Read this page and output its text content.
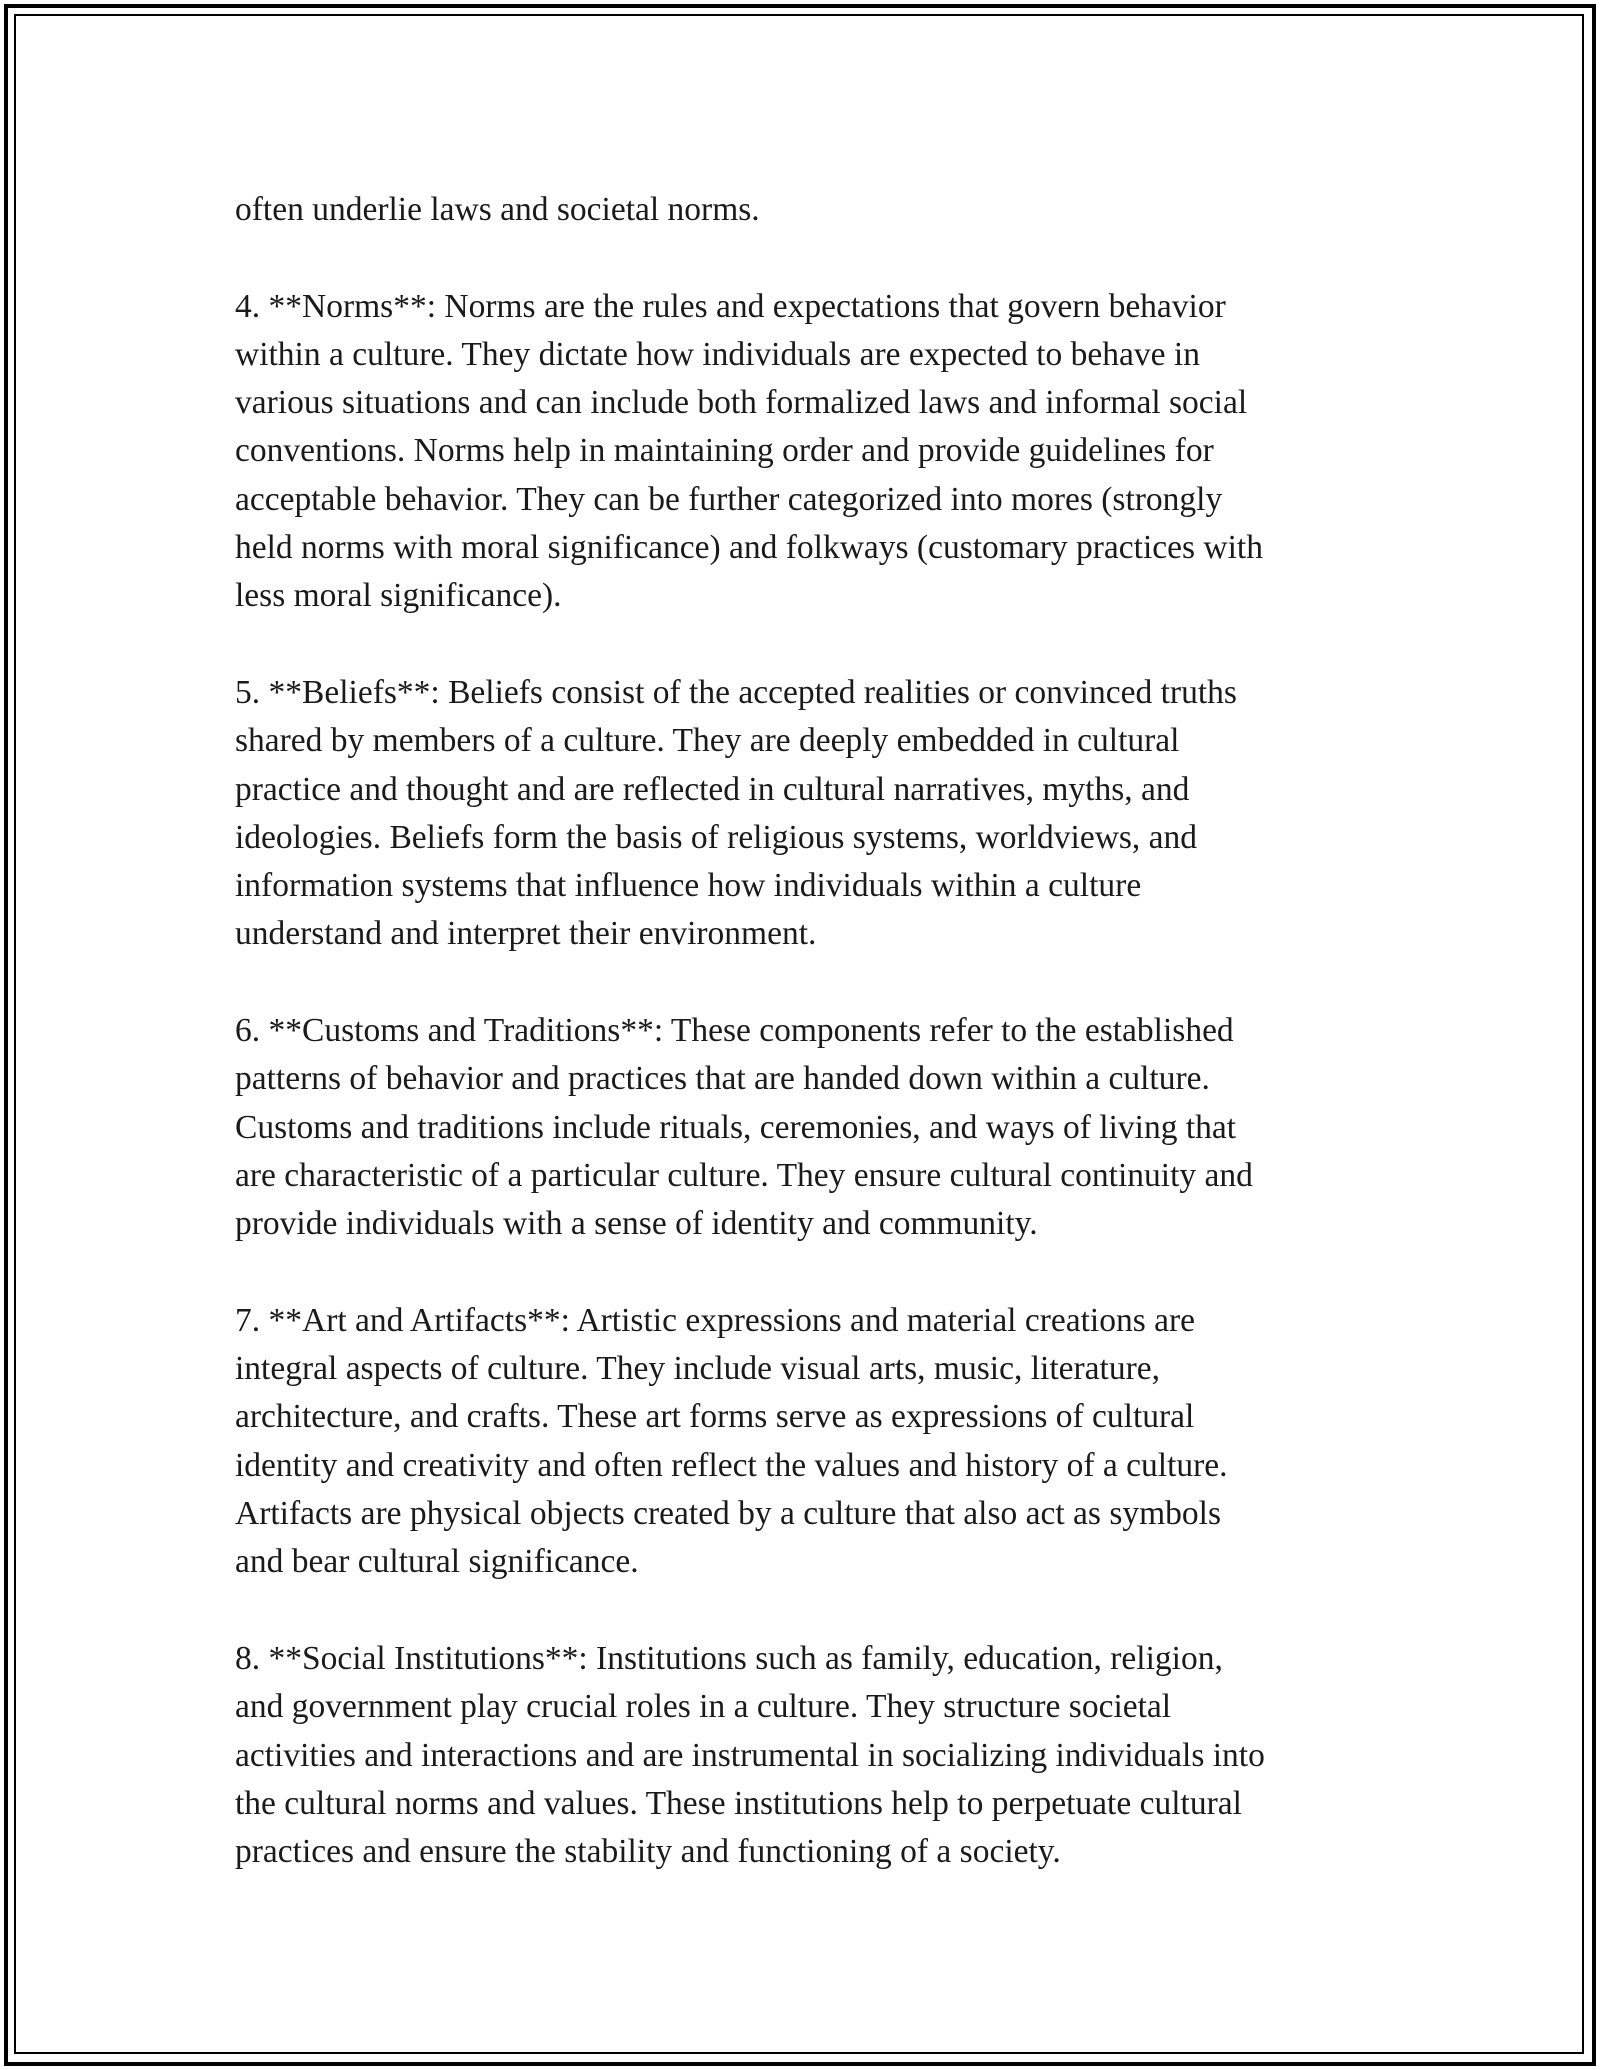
often underlie laws and societal norms.
4. **Norms**: Norms are the rules and expectations that govern behavior
within a culture. They dictate how individuals are expected to behave in
various situations and can include both formalized laws and informal social
conventions. Norms help in maintaining order and provide guidelines for
acceptable behavior. They can be further categorized into mores (strongly
held norms with moral significance) and folkways (customary practices with
less moral significance).
5. **Beliefs**: Beliefs consist of the accepted realities or convinced truths
shared by members of a culture. They are deeply embedded in cultural
practice and thought and are reflected in cultural narratives, myths, and
ideologies. Beliefs form the basis of religious systems, worldviews, and
information systems that influence how individuals within a culture
understand and interpret their environment.
6. **Customs and Traditions**: These components refer to the established
patterns of behavior and practices that are handed down within a culture.
Customs and traditions include rituals, ceremonies, and ways of living that
are characteristic of a particular culture. They ensure cultural continuity and
provide individuals with a sense of identity and community.
7. **Art and Artifacts**: Artistic expressions and material creations are
integral aspects of culture. They include visual arts, music, literature,
architecture, and crafts. These art forms serve as expressions of cultural
identity and creativity and often reflect the values and history of a culture.
Artifacts are physical objects created by a culture that also act as symbols
and bear cultural significance.
8. **Social Institutions**: Institutions such as family, education, religion,
and government play crucial roles in a culture. They structure societal
activities and interactions and are instrumental in socializing individuals into
the cultural norms and values. These institutions help to perpetuate cultural
practices and ensure the stability and functioning of a society.
